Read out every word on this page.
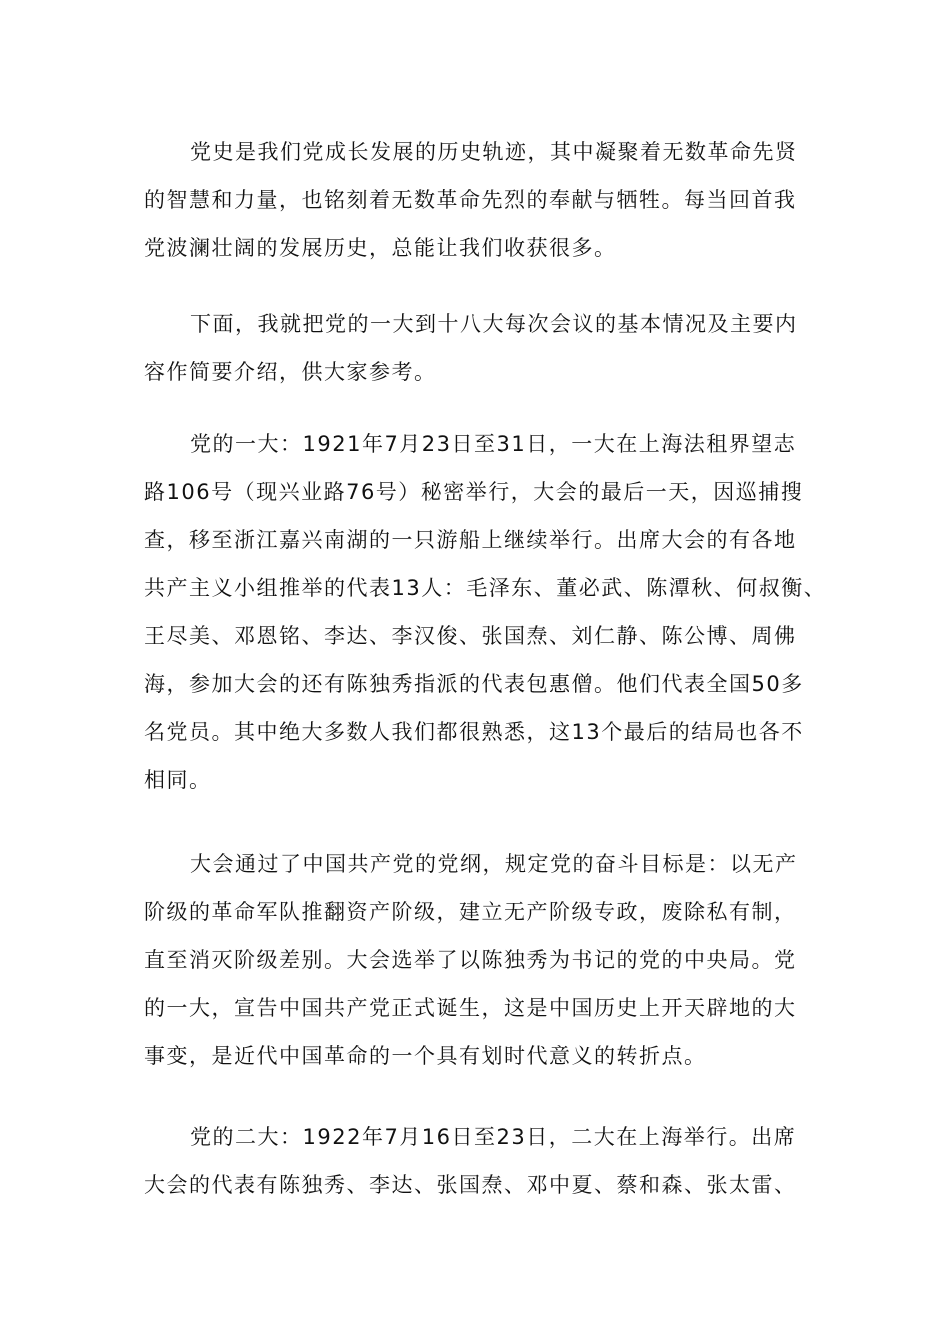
党史是我们党成长发展的历史轨迹，其中凝聚着无数革命先贤
的智慧和力量，也铭刻着无数革命先烈的奉献与牺牲。每当回首我
党波澜壮阔的发展历史，总能让我们收获很多。

下面，我就把党的一大到十八大每次会议的基本情况及主要内
容作简要介绍，供大家参考。

党的一大：1921年7月23日至31日，一大在上海法租界望志
路106号（现兴业路76号）秘密举行，大会的最后一天，因巡捕搜
查，移至浙江嘉兴南湖的一只游船上继续举行。出席大会的有各地
共产主义小组推举的代表13人：毛泽东、董必武、陈潭秋、何叔衡、
王尽美、邓恩铭、李达、李汉俊、张国焘、刘仁静、陈公博、周佛
海，参加大会的还有陈独秀指派的代表包惠僧。他们代表全国50多
名党员。其中绝大多数人我们都很熟悉，这13个最后的结局也各不
相同。

大会通过了中国共产党的党纲，规定党的奋斗目标是：以无产
阶级的革命军队推翻资产阶级，建立无产阶级专政，废除私有制，
直至消灭阶级差别。大会选举了以陈独秀为书记的党的中央局。党
的一大，宣告中国共产党正式诞生，这是中国历史上开天辟地的大
事变，是近代中国革命的一个具有划时代意义的转折点。

党的二大：1922年7月16日至23日，二大在上海举行。出席
大会的代表有陈独秀、李达、张国焘、邓中夏、蔡和森、张太雷、
